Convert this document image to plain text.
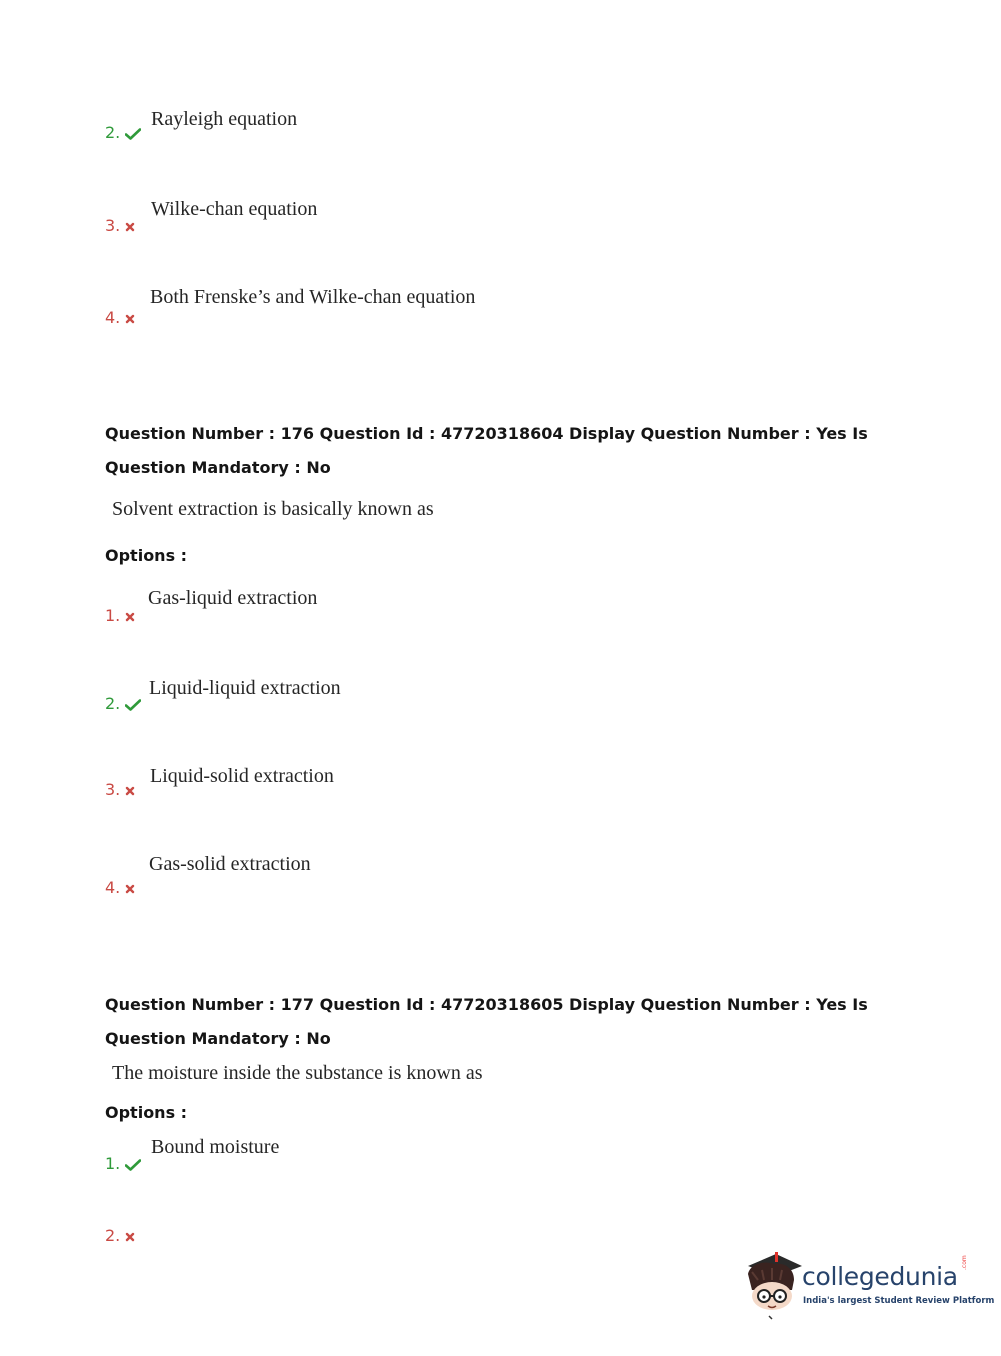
Rayleigh equation
2.
Wilke-chan equation
3.
Both Frenske’s and Wilke-chan equation
4.
Question Number : 176 Question Id : 47720318604 Display Question Number : Yes Is Question Mandatory : No
Solvent extraction is basically known as
Options :
Gas-liquid extraction
1.
Liquid-liquid extraction
2.
Liquid-solid extraction
3.
Gas-solid extraction
4.
Question Number : 177 Question Id : 47720318605 Display Question Number : Yes Is Question Mandatory : No
The moisture inside the substance is known as
Options :
Bound moisture
1.
2.
collegedunia .com
India's largest Student Review Platform
